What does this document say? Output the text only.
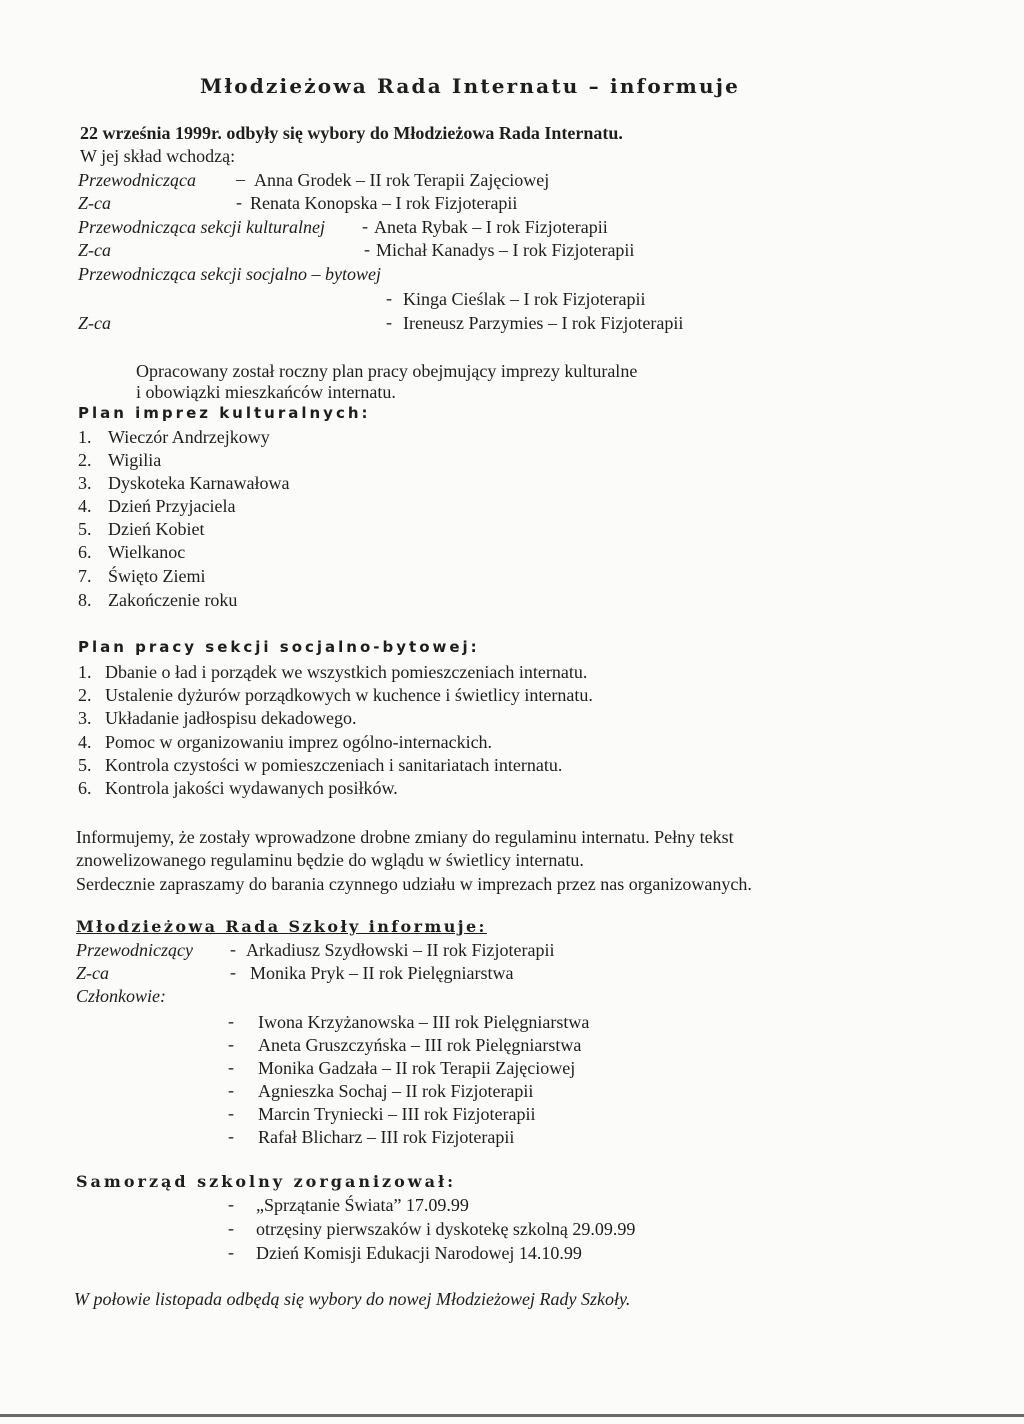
Młodzieżowa Rada Internatu – informuje
22 września 1999r. odbyły się wybory do Młodzieżowa Rada Internatu.
W jej skład wchodzą:
Przewodnicząca – Anna Grodek – II rok Terapii Zajęciowej
Z-ca	- Renata Konopska – I rok Fizjoterapii
Przewodnicząca sekcji kulturalnej - Aneta Rybak – I rok Fizjoterapii
Z-ca	- Michał Kanadys – I rok Fizjoterapii
Przewodnicząca sekcji socjalno – bytowej
- Kinga Cieślak – I rok Fizjoterapii
Z-ca	- Ireneusz Parzymies – I rok Fizjoterapii
Opracowany został roczny plan pracy obejmujący imprezy kulturalne
i obowiązki mieszkańców internatu.
Plan imprez kulturalnych:
1. Wieczór Andrzejkowy
2. Wigilia
3. Dyskoteka Karnawałowa
4. Dzień Przyjaciela
5. Dzień Kobiet
6. Wielkanoc
7. Święto Ziemi
8. Zakończenie roku
Plan pracy sekcji socjalno-bytowej:
1. Dbanie o ład i porządek we wszystkich pomieszczeniach internatu.
2. Ustalenie dyżurów porządkowych w kuchence i świetlicy internatu.
3. Układanie jadłospisu dekadowego.
4. Pomoc w organizowaniu imprez ogólno-internackich.
5. Kontrola czystości w pomieszczeniach i sanitariatach internatu.
6. Kontrola jakości wydawanych posiłków.
Informujemy, że zostały wprowadzone drobne zmiany do regulaminu internatu. Pełny tekst
znowelizowanego regulaminu będzie do wglądu w świetlicy internatu.
Serdecznie zapraszamy do barania czynnego udziału w imprezach przez nas organizowanych.
Młodzieżowa Rada Szkoły informuje:
Przewodniczący - Arkadiusz Szydłowski – II rok Fizjoterapii
Z-ca	- Monika Pryk – II rok Pielęgniarstwa
Członkowie:
- Iwona Krzyżanowska – III rok Pielęgniarstwa
- Aneta Gruszczyńska – III rok Pielęgniarstwa
- Monika Gadzała – II rok Terapii Zajęciowej
- Agnieszka Sochaj – II rok Fizjoterapii
- Marcin Tryniecki – III rok Fizjoterapii
- Rafał Blicharz – III rok Fizjoterapii
Samorząd szkolny zorganizował:
- „Sprzątanie Świata” 17.09.99
- otrzęsiny pierwszaków i dyskotekę szkolną 29.09.99
- Dzień Komisji Edukacji Narodowej 14.10.99
W połowie listopada odbędą się wybory do nowej Młodzieżowej Rady Szkoły.
